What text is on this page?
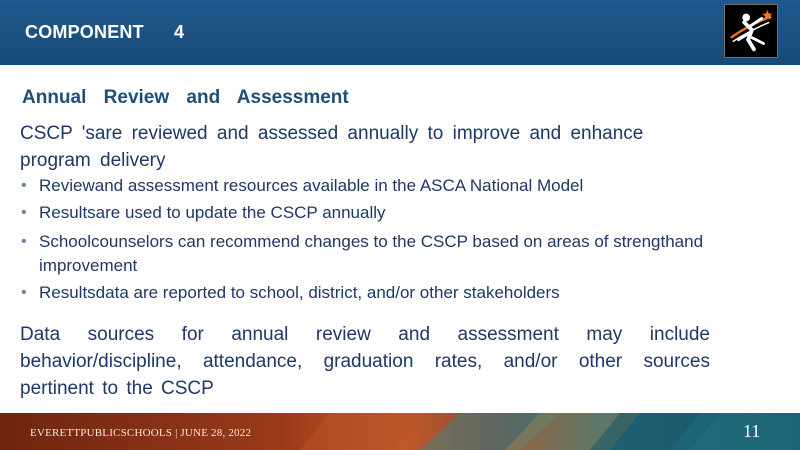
COMPONENT 4
Annual Review and Assessment
CSCP 'sare reviewed and assessed annually to improve and enhance program delivery
• Reviewand assessment resources available in the ASCA National Model
• Resultsare used to update the CSCP annually
• Schoolcounselors can recommend changes to the CSCP based on areas of strengthand improvement
• Resultsdata are reported to school, district, and/or other stakeholders
Data sources for annual review and assessment may include behavior/discipline, attendance, graduation rates, and/or other sources pertinent to the CSCP
EVERETTPUBLICSCHOOLS | JUNE 28, 2022	11
